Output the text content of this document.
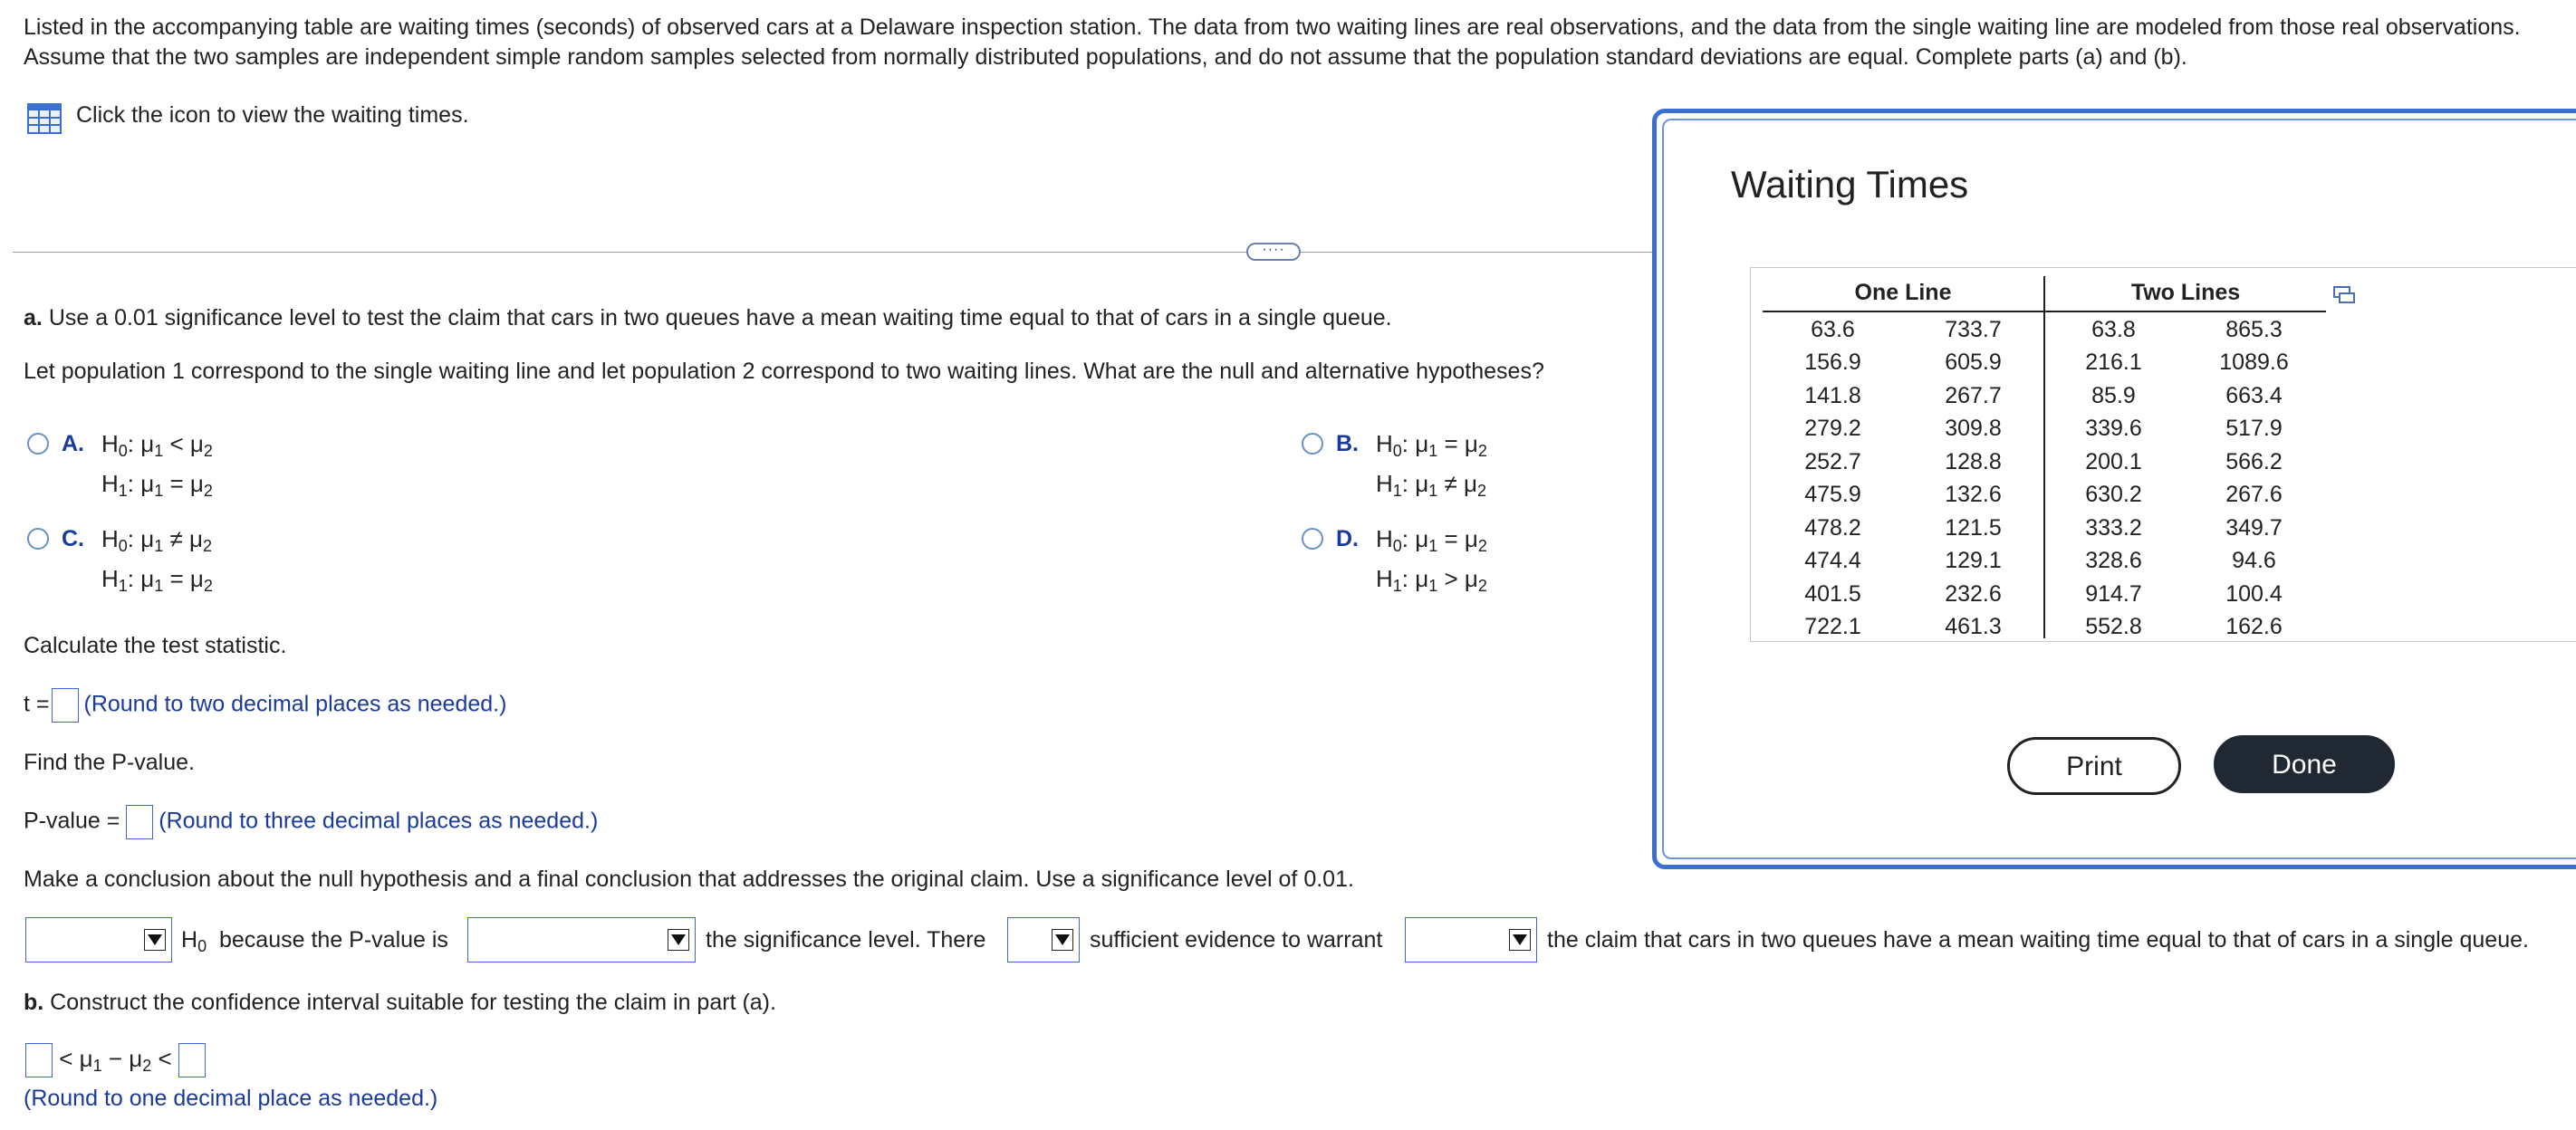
Listed in the accompanying table are waiting times (seconds) of observed cars at a Delaware inspection station. The data from two waiting lines are real observations, and the data from the single waiting line are modeled from those real observations. Assume that the two samples are independent simple random samples selected from normally distributed populations, and do not assume that the population standard deviations are equal. Complete parts (a) and (b).
Click the icon to view the waiting times.
····
a. Use a 0.01 significance level to test the claim that cars in two queues have a mean waiting time equal to that of cars in a single queue.
Let population 1 correspond to the single waiting line and let population 2 correspond to two waiting lines. What are the null and alternative hypotheses?
A. $H_0$: $\mu_1 < \mu_2$
$H_1$: $\mu_1 = \mu_2$
B. $H_0$: $\mu_1 = \mu_2$
$H_1$: $\mu_1 \ne \mu_2$
C. $H_0$: $\mu_1 \ne \mu_2$
$H_1$: $\mu_1 = \mu_2$
D. $H_0$: $\mu_1 = \mu_2$
$H_1$: $\mu_1 > \mu_2$
Calculate the test statistic.
t = (Round to two decimal places as needed.)
Find the P-value.
P-value = (Round to three decimal places as needed.)
Make a conclusion about the null hypothesis and a final conclusion that addresses the original claim. Use a significance level of 0.01.
$H_0$ because the P-value is	the significance level. There	sufficient evidence to warrant	the claim that cars in two queues have a mean waiting time equal to that of cars in a single queue.
b. Construct the confidence interval suitable for testing the claim in part (a).
< $\mu_1 - \mu_2$ <
(Round to one decimal place as needed.)
Waiting Times
One Line	Two Lines
63.6	733.7	63.8	865.3
156.9	605.9	216.1	1089.6
141.8	267.7	85.9	663.4
279.2	309.8	339.6	517.9
252.7	128.8	200.1	566.2
475.9	132.6	630.2	267.6
478.2	121.5	333.2	349.7
474.4	129.1	328.6	94.6
401.5	232.6	914.7	100.4
722.1	461.3	552.8	162.6
Print	Done
